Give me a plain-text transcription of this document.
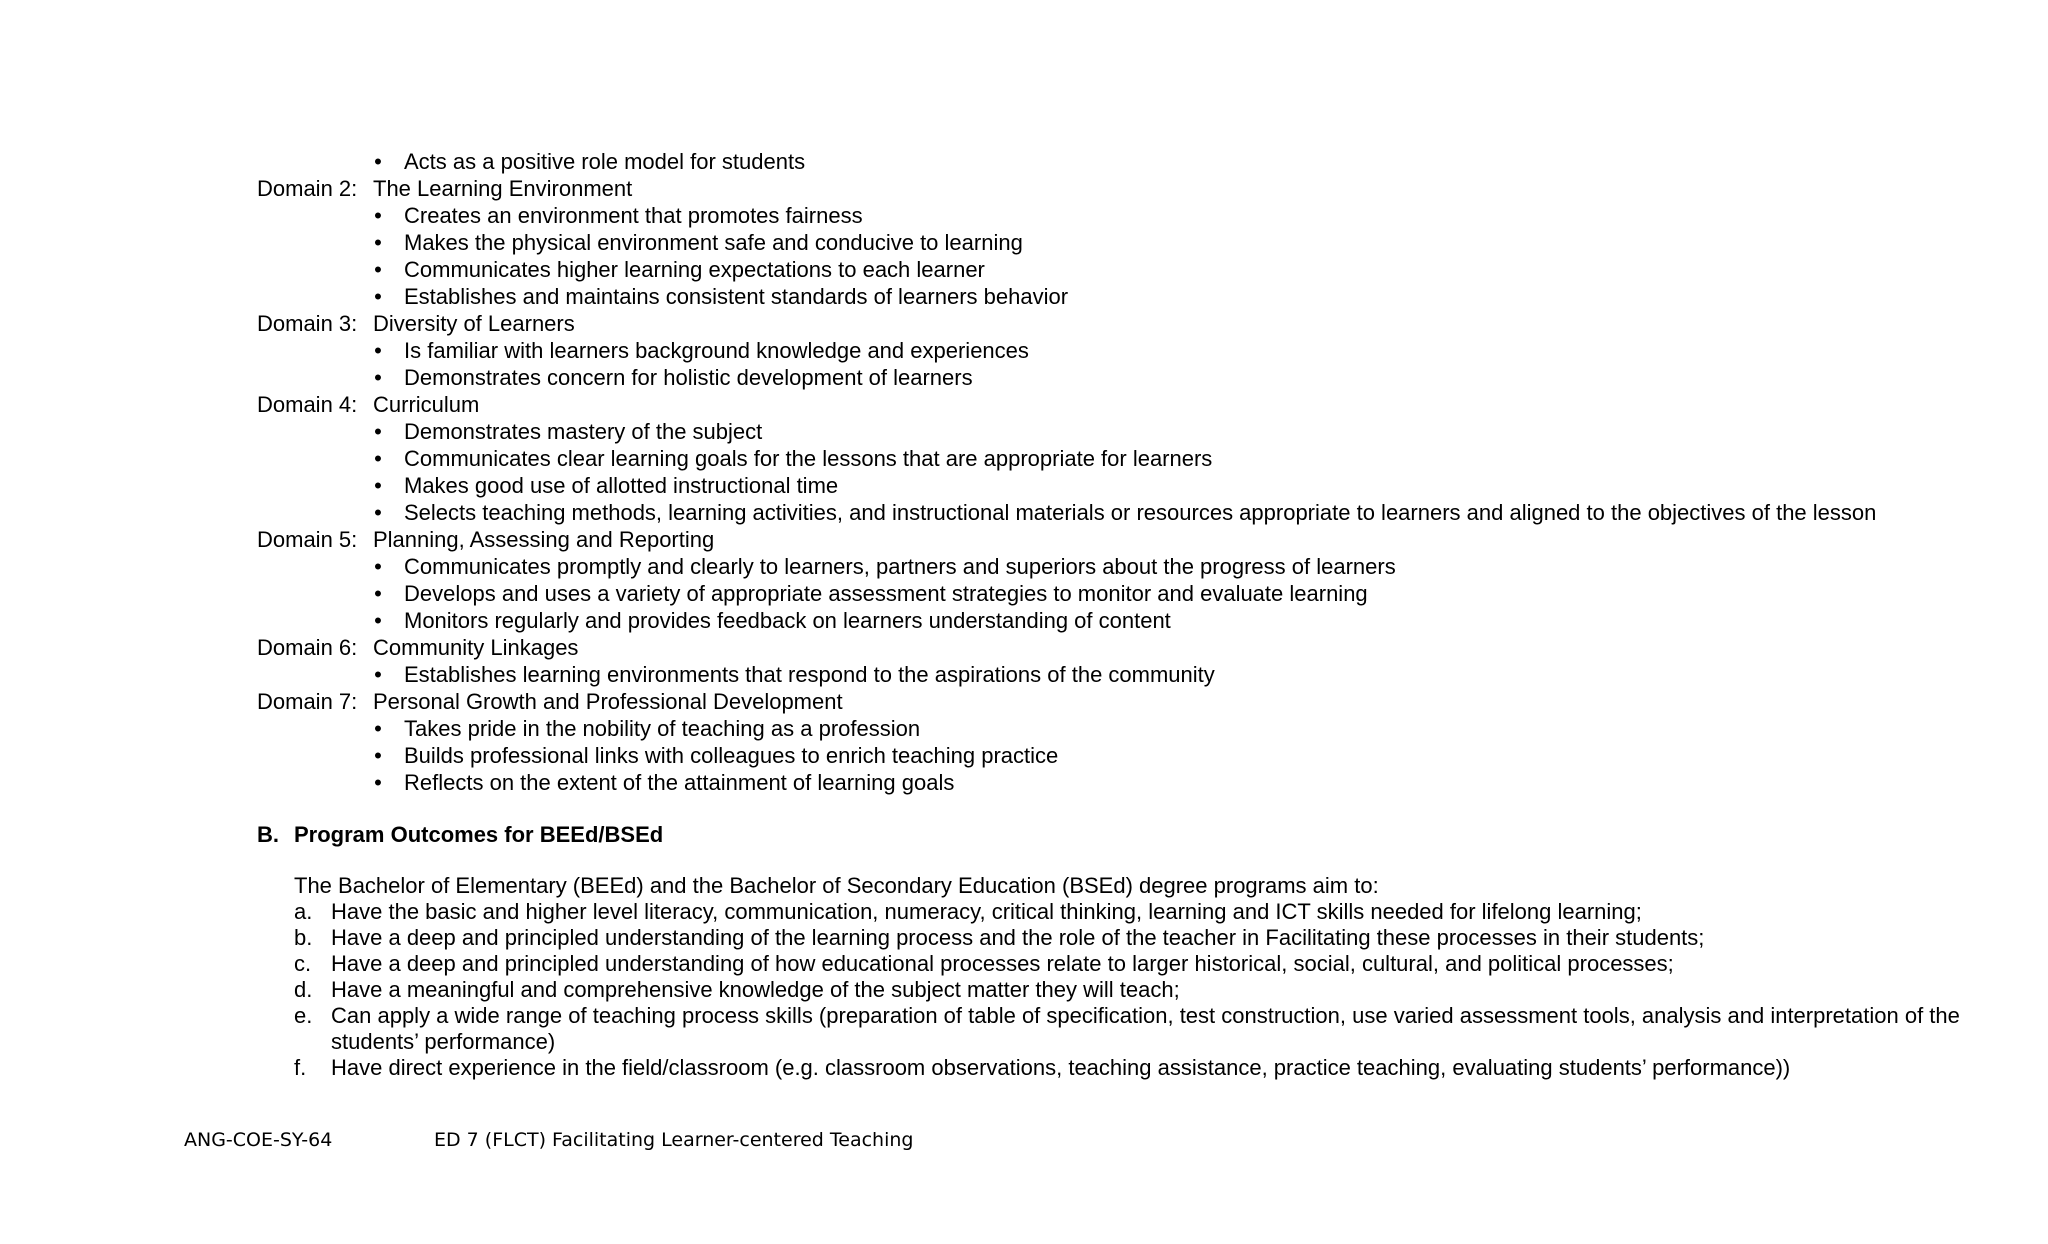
• Acts as a positive role model for students
Domain 2: The Learning Environment
• Creates an environment that promotes fairness
• Makes the physical environment safe and conducive to learning
• Communicates higher learning expectations to each learner
• Establishes and maintains consistent standards of learners behavior
Domain 3: Diversity of Learners
• Is familiar with learners background knowledge and experiences
• Demonstrates concern for holistic development of learners
Domain 4: Curriculum
• Demonstrates mastery of the subject
• Communicates clear learning goals for the lessons that are appropriate for learners
• Makes good use of allotted instructional time
• Selects teaching methods, learning activities, and instructional materials or resources appropriate to learners and aligned to the objectives of the lesson
Domain 5: Planning, Assessing and Reporting
• Communicates promptly and clearly to learners, partners and superiors about the progress of learners
• Develops and uses a variety of appropriate assessment strategies to monitor and evaluate learning
• Monitors regularly and provides feedback on learners understanding of content
Domain 6: Community Linkages
• Establishes learning environments that respond to the aspirations of the community
Domain 7: Personal Growth and Professional Development
• Takes pride in the nobility of teaching as a profession
• Builds professional links with colleagues to enrich teaching practice
• Reflects on the extent of the attainment of learning goals
B. Program Outcomes for BEEd/BSEd
The Bachelor of Elementary (BEEd) and the Bachelor of Secondary Education (BSEd) degree programs aim to:
a. Have the basic and higher level literacy, communication, numeracy, critical thinking, learning and ICT skills needed for lifelong learning;
b. Have a deep and principled understanding of the learning process and the role of the teacher in Facilitating these processes in their students;
c. Have a deep and principled understanding of how educational processes relate to larger historical, social, cultural, and political processes;
d. Have a meaningful and comprehensive knowledge of the subject matter they will teach;
e. Can apply a wide range of teaching process skills (preparation of table of specification, test construction, use varied assessment tools, analysis and interpretation of the students’ performance)
f. Have direct experience in the field/classroom (e.g. classroom observations, teaching assistance, practice teaching, evaluating students’ performance))
ANG-COE-SY-64	ED 7 (FLCT) Facilitating Learner-centered Teaching
